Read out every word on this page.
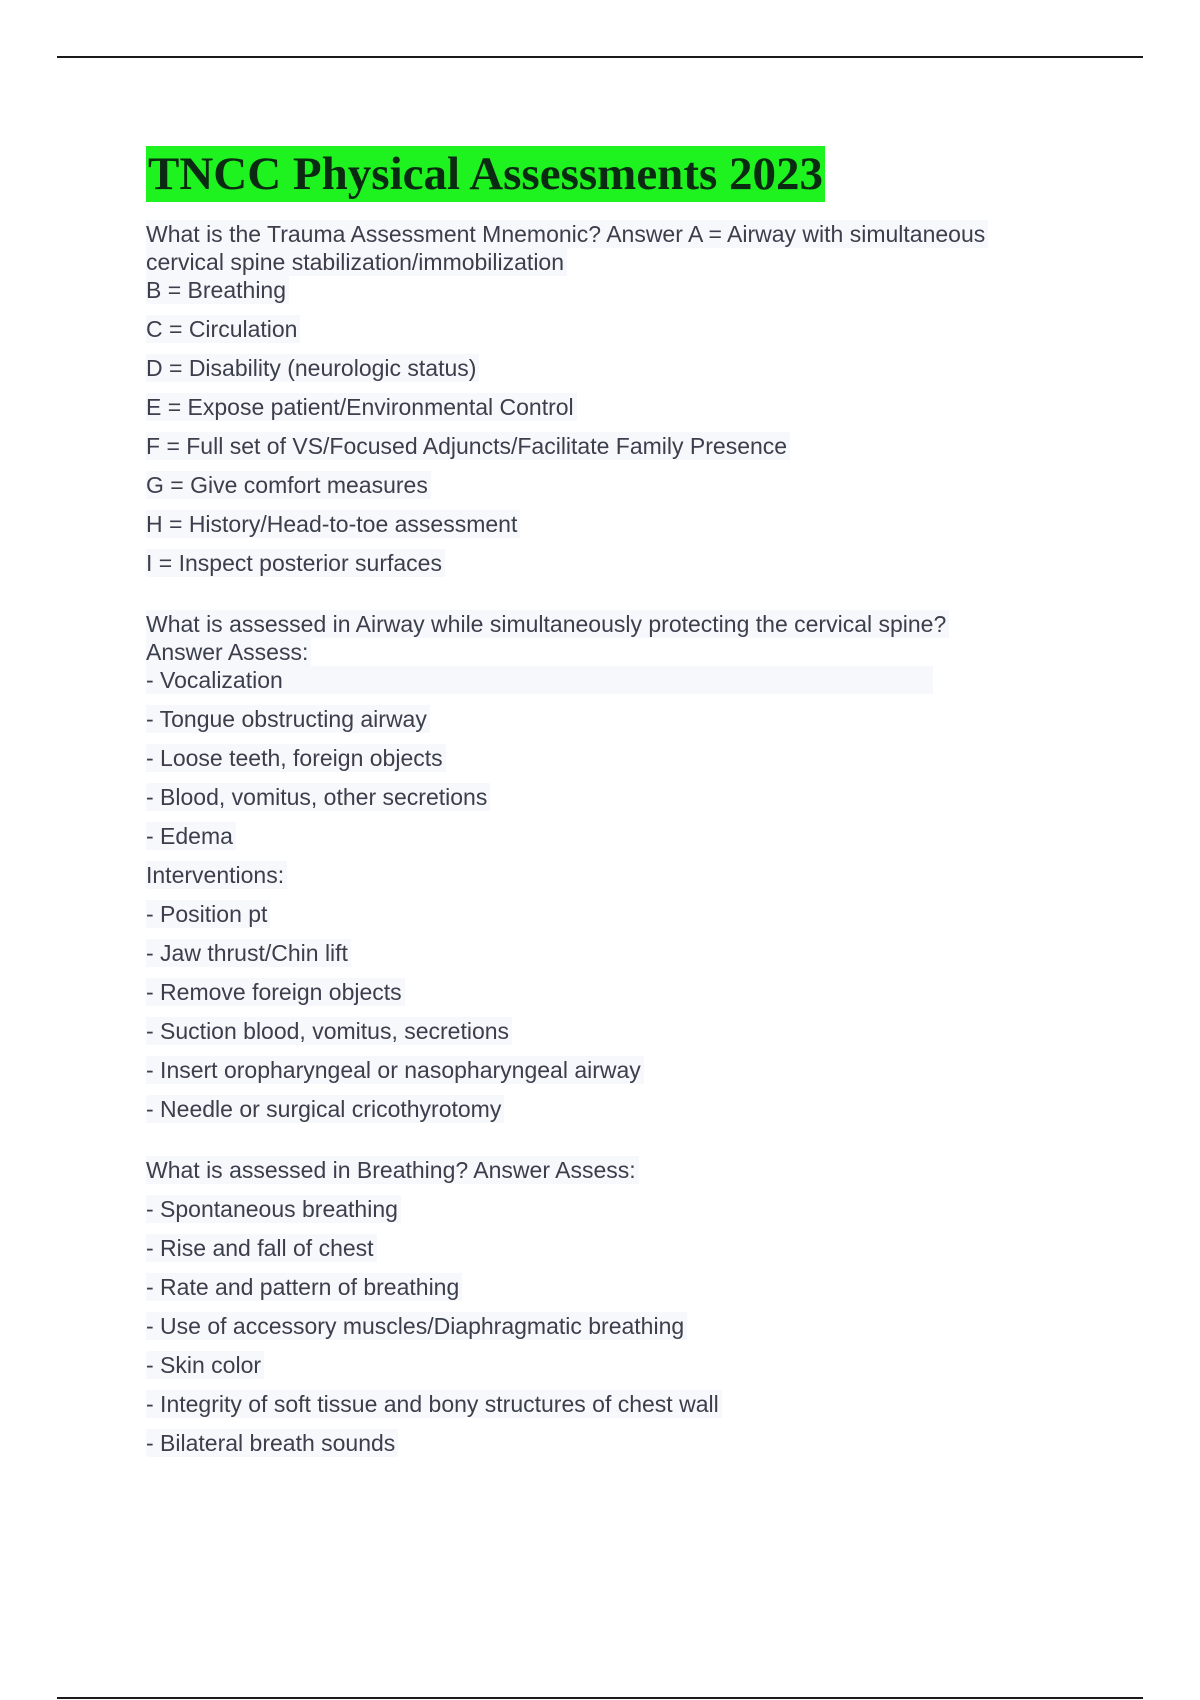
TNCC Physical Assessments 2023
What is the Trauma Assessment Mnemonic? Answer A = Airway with simultaneous
cervical spine stabilization/immobilization
B = Breathing
C = Circulation
D = Disability (neurologic status)
E = Expose patient/Environmental Control
F = Full set of VS/Focused Adjuncts/Facilitate Family Presence
G = Give comfort measures
H = History/Head-to-toe assessment
I = Inspect posterior surfaces
What is assessed in Airway while simultaneously protecting the cervical spine?
Answer Assess:
- Vocalization
- Tongue obstructing airway
- Loose teeth, foreign objects
- Blood, vomitus, other secretions
- Edema
Interventions:
- Position pt
- Jaw thrust/Chin lift
- Remove foreign objects
- Suction blood, vomitus, secretions
- Insert oropharyngeal or nasopharyngeal airway
- Needle or surgical cricothyrotomy
What is assessed in Breathing? Answer Assess:
- Spontaneous breathing
- Rise and fall of chest
- Rate and pattern of breathing
- Use of accessory muscles/Diaphragmatic breathing
- Skin color
- Integrity of soft tissue and bony structures of chest wall
- Bilateral breath sounds
